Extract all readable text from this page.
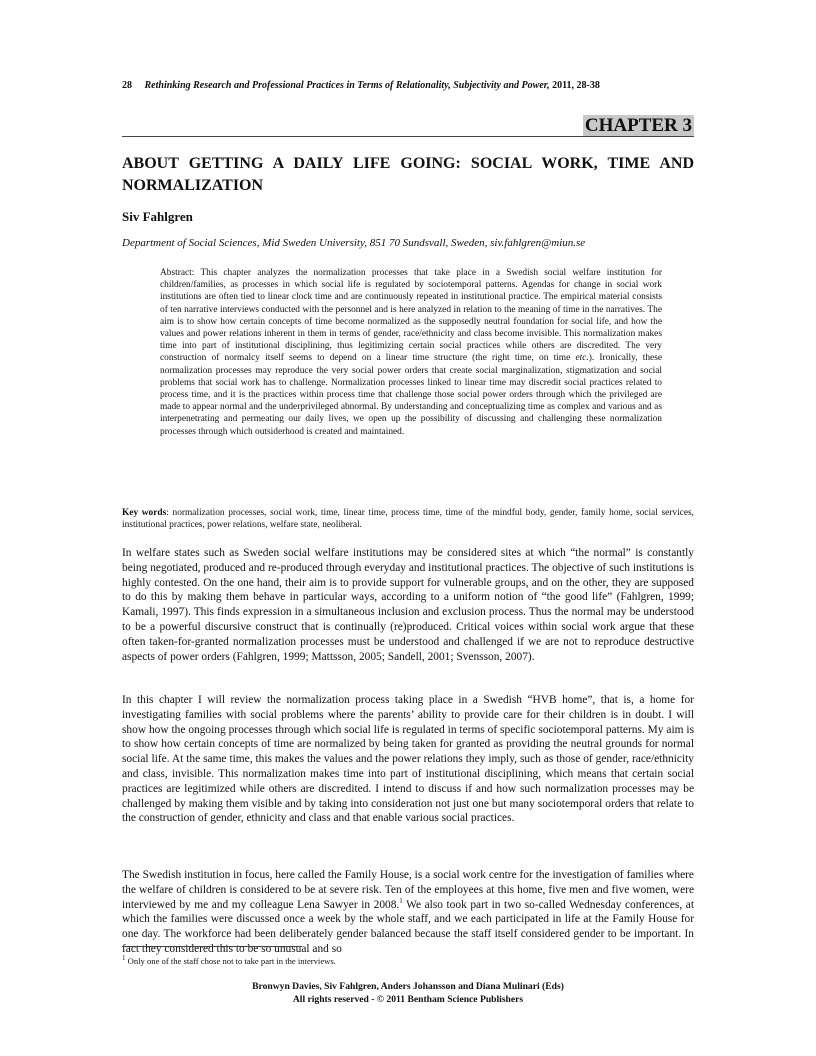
28 Rethinking Research and Professional Practices in Terms of Relationality, Subjectivity and Power, 2011, 28-38
CHAPTER 3
ABOUT GETTING A DAILY LIFE GOING: SOCIAL WORK, TIME AND NORMALIZATION
Siv Fahlgren
Department of Social Sciences, Mid Sweden University, 851 70 Sundsvall, Sweden, siv.fahlgren@miun.se

Abstract: This chapter analyzes the normalization processes that take place in a Swedish social welfare institution for children/families, as processes in which social life is regulated by sociotemporal patterns. Agendas for change in social work institutions are often tied to linear clock time and are continuously repeated in institutional practice. The empirical material consists of ten narrative interviews conducted with the personnel and is here analyzed in relation to the meaning of time in the narratives. The aim is to show how certain concepts of time become normalized as the supposedly neutral foundation for social life, and how the values and power relations inherent in them in terms of gender, race/ethnicity and class become invisible. This normalization makes time into part of institutional disciplining, thus legitimizing certain social practices while others are discredited. The very construction of normalcy itself seems to depend on a linear time structure (the right time, on time etc.). Ironically, these normalization processes may reproduce the very social power orders that create social marginalization, stigmatization and social problems that social work has to challenge. Normalization processes linked to linear time may discredit social practices related to process time, and it is the practices within process time that challenge those social power orders through which the privileged are made to appear normal and the underprivileged abnormal. By understanding and conceptualizing time as complex and various and as interpenetrating and permeating our daily lives, we open up the possibility of discussing and challenging these normalization processes through which outsiderhood is created and maintained.

Key words: normalization processes, social work, time, linear time, process time, time of the mindful body, gender, family home, social services, institutional practices, power relations, welfare state, neoliberal.

In welfare states such as Sweden social welfare institutions may be considered sites at which “the normal” is constantly being negotiated, produced and re-produced through everyday and institutional practices. The objective of such institutions is highly contested. On the one hand, their aim is to provide support for vulnerable groups, and on the other, they are supposed to do this by making them behave in particular ways, according to a uniform notion of “the good life” (Fahlgren, 1999; Kamali, 1997). This finds expression in a simultaneous inclusion and exclusion process. Thus the normal may be understood to be a powerful discursive construct that is continually (re)produced. Critical voices within social work argue that these often taken-for-granted normalization processes must be understood and challenged if we are not to reproduce destructive aspects of power orders (Fahlgren, 1999; Mattsson, 2005; Sandell, 2001; Svensson, 2007).

In this chapter I will review the normalization process taking place in a Swedish “HVB home”, that is, a home for investigating families with social problems where the parents’ ability to provide care for their children is in doubt. I will show how the ongoing processes through which social life is regulated in terms of specific sociotemporal patterns. My aim is to show how certain concepts of time are normalized by being taken for granted as providing the neutral grounds for normal social life. At the same time, this makes the values and the power relations they imply, such as those of gender, race/ethnicity and class, invisible. This normalization makes time into part of institutional disciplining, which means that certain social practices are legitimized while others are discredited. I intend to discuss if and how such normalization processes may be challenged by making them visible and by taking into consideration not just one but many sociotemporal orders that relate to the construction of gender, ethnicity and class and that enable various social practices.

The Swedish institution in focus, here called the Family House, is a social work centre for the investigation of families where the welfare of children is considered to be at severe risk. Ten of the employees at this home, five men and five women, were interviewed by me and my colleague Lena Sawyer in 2008.$^1$ We also took part in two so-called Wednesday conferences, at which the families were discussed once a week by the whole staff, and we each participated in life at the Family House for one day. The workforce had been deliberately gender balanced because the staff itself considered gender to be important. In fact they considered this to be so unusual and so

$^1$ Only one of the staff chose not to take part in the interviews.

Bronwyn Davies, Siv Fahlgren, Anders Johansson and Diana Mulinari (Eds)
All rights reserved - © 2011 Bentham Science Publishers
